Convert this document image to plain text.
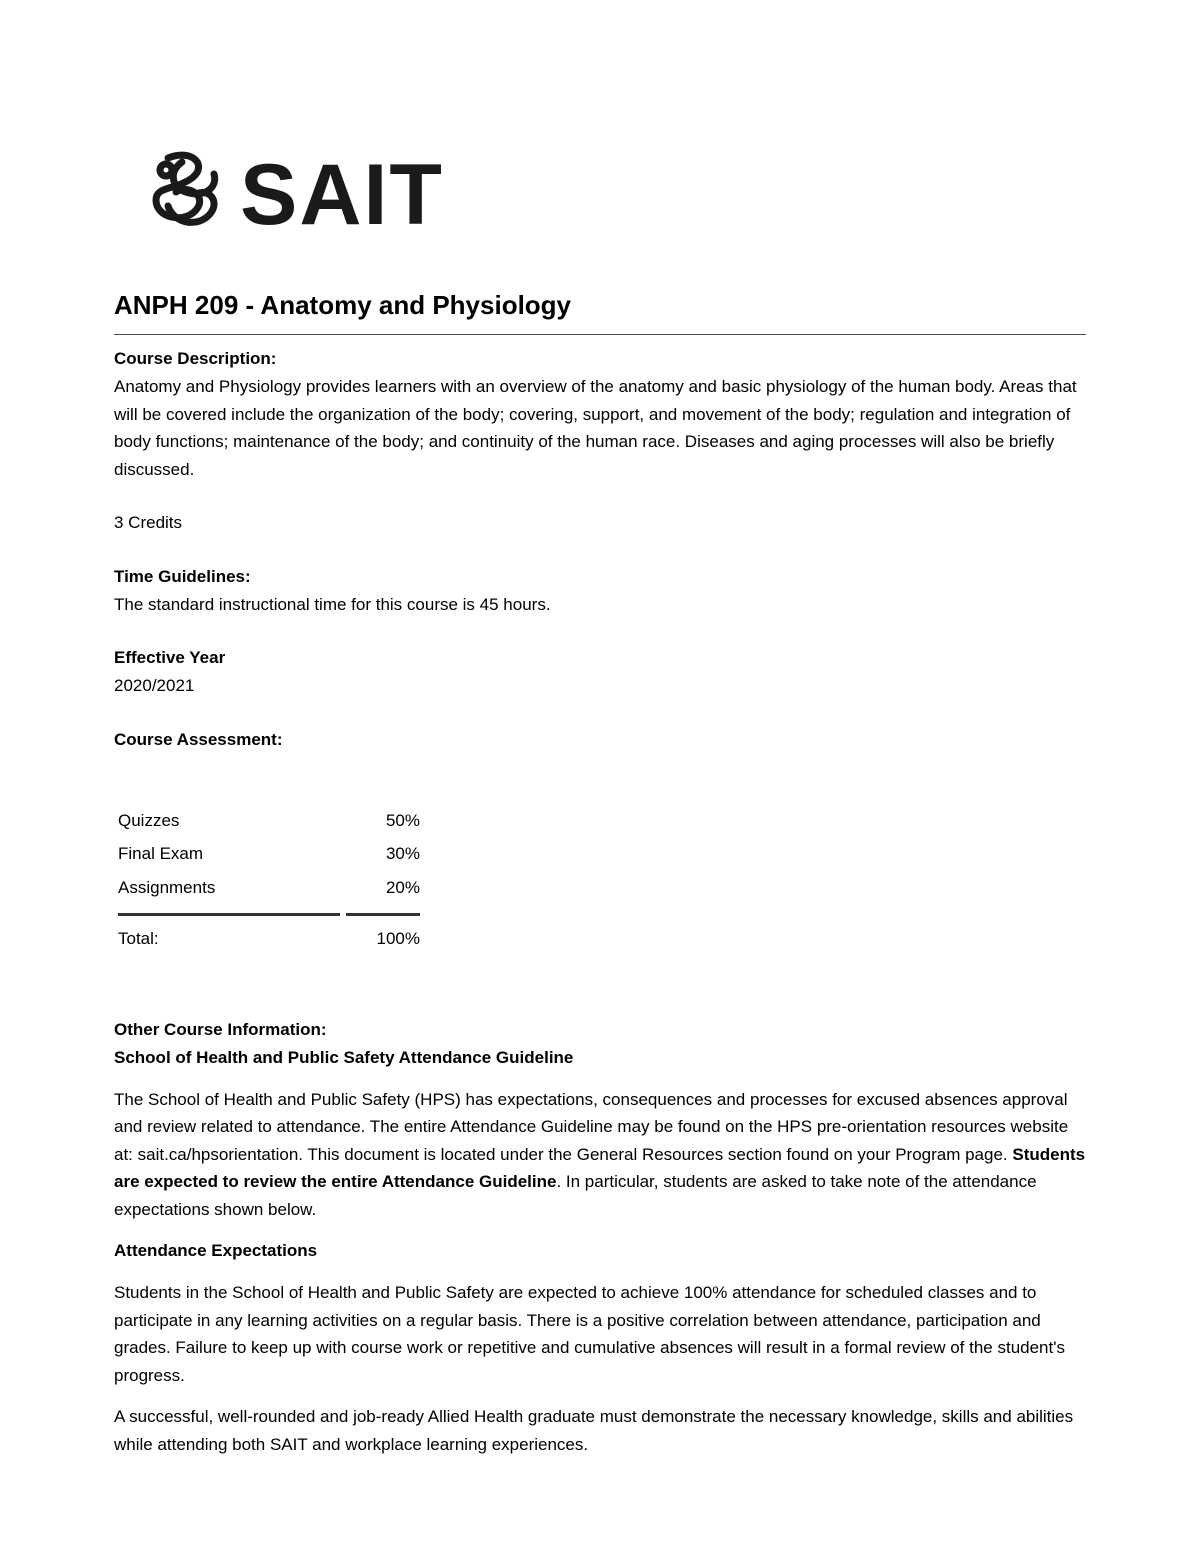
SAIT
ANPH 209 - Anatomy and Physiology
Course Description:
Anatomy and Physiology provides learners with an overview of the anatomy and basic physiology of the human body. Areas that will be covered include the organization of the body; covering, support, and movement of the body; regulation and integration of body functions; maintenance of the body; and continuity of the human race. Diseases and aging processes will also be briefly discussed.
3 Credits
Time Guidelines:
The standard instructional time for this course is 45 hours.
Effective Year
2020/2021
Course Assessment:
Quizzes	50%
Final Exam	30%
Assignments	20%
Total:	100%
Other Course Information:
School of Health and Public Safety Attendance Guideline
The School of Health and Public Safety (HPS) has expectations, consequences and processes for excused absences approval and review related to attendance. The entire Attendance Guideline may be found on the HPS pre-orientation resources website at: sait.ca/hpsorientation. This document is located under the General Resources section found on your Program page. Students are expected to review the entire Attendance Guideline. In particular, students are asked to take note of the attendance expectations shown below.
Attendance Expectations
Students in the School of Health and Public Safety are expected to achieve 100% attendance for scheduled classes and to participate in any learning activities on a regular basis. There is a positive correlation between attendance, participation and grades. Failure to keep up with course work or repetitive and cumulative absences will result in a formal review of the student's progress.
A successful, well-rounded and job-ready Allied Health graduate must demonstrate the necessary knowledge, skills and abilities while attending both SAIT and workplace learning experiences.
